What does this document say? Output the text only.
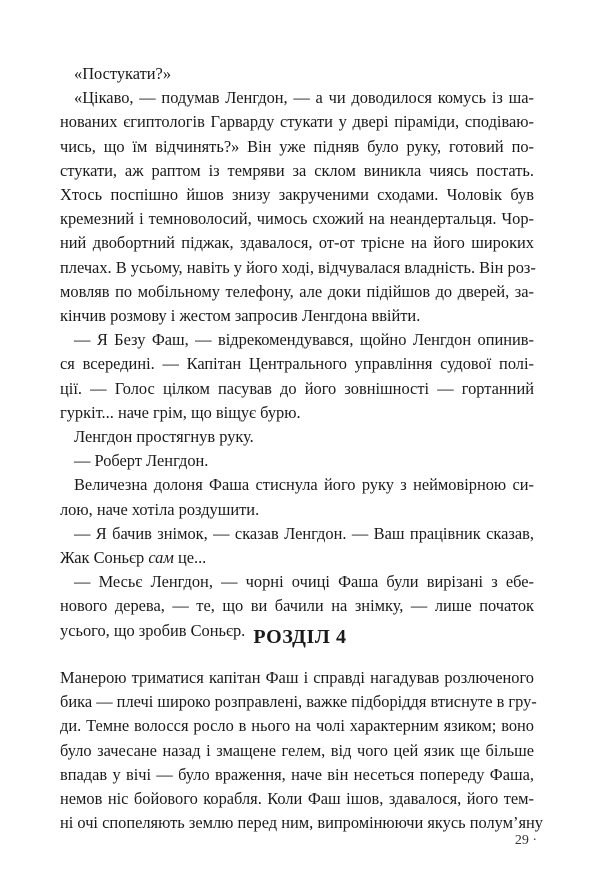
«Постукати?»
«Цікаво, — подумав Ленгдон, — а чи доводилося комусь із ша-
нованих єгиптологів Гарварду стукати у двері піраміди, сподіваю-
чись, що їм відчинять?» Він уже підняв було руку, готовий по-
стукати, аж раптом із темряви за склом виникла чиясь постать.
Хтось поспішно йшов знизу закрученими сходами. Чоловік був
кремезний і темноволосий, чимось схожий на неандертальця. Чор-
ний двобортний піджак, здавалося, от-от трісне на його широких
плечах. В усьому, навіть у його ході, відчувалася владність. Він роз-
мовляв по мобільному телефону, але доки підійшов до дверей, за-
кінчив розмову і жестом запросив Ленгдона ввійти.
— Я Безу Фаш, — відрекомендувався, щойно Ленгдон опинив-
ся всередині. — Капітан Центрального управління судової полі-
ції. — Голос цілком пасував до його зовнішності — гортанний
гуркіт... наче грім, що віщує бурю.
Ленгдон простягнув руку.
— Роберт Ленгдон.
Величезна долоня Фаша стиснула його руку з неймовірною си-
лою, наче хотіла роздушити.
— Я бачив знімок, — сказав Ленгдон. — Ваш працівник сказав,
Жак Соньєр сам це...
— Месьє Ленгдон, — чорні очиці Фаша були вирізані з ебе-
нового дерева, — те, що ви бачили на знімку, — лише початок
усього, що зробив Соньєр. РОЗДІЛ 4
Манерою триматися капітан Фаш і справді нагадував розлюченого
бика — плечі широко розправлені, важке підборіддя втиснуте в гру-
ди. Темне волосся росло в нього на чолі характерним язиком; воно
було зачесане назад і змащене гелем, від чого цей язик ще більше
впадав у вічі — було враження, наче він несеться попереду Фаша,
немов ніс бойового корабля. Коли Фаш ішов, здавалося, його тем-
ні очі спопеляють землю перед ним, випромінюючи якусь полум’яну
29 ·
